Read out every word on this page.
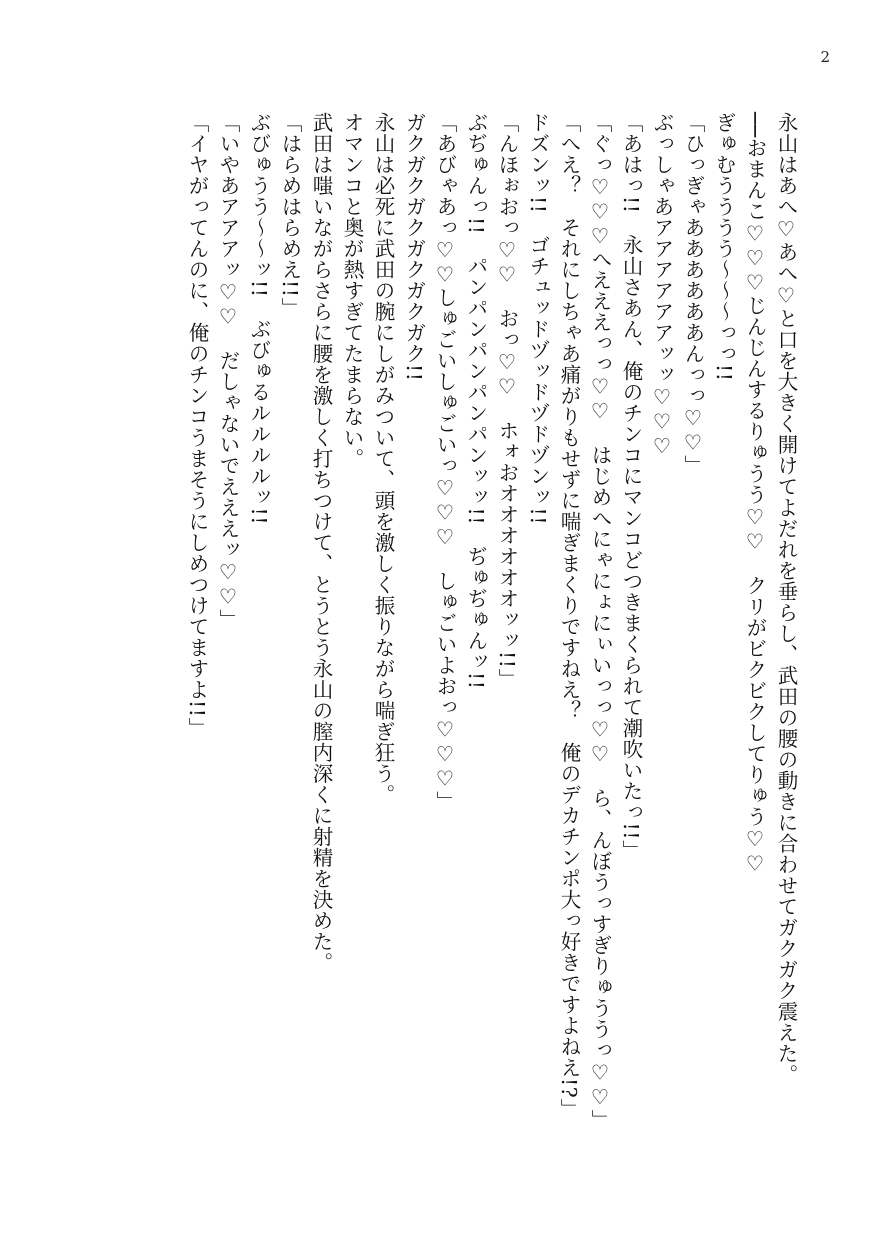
2
永山はあへ♡あへ♡と口を大きく開けてよだれを垂らし、武田の腰の動きに合わせてガクガク震えた。
──おまんこ♡♡♡じんじんするりゅうう♡♡　クリがビクビクしてりゅう♡♡
ぎゅむうううう〜〜〜っっ!!
「ひっぎゃああああああんっっ♡♡」
ぶっしゃあアアアアアアッッ♡♡♡
「あはっ!!　永山さあん、俺のチンコにマンコどつきまくられて潮吹いたっ!!」
「ぐっ♡♡♡へえええっっ♡♡　はじめへにゃにょにぃいっっ♡♡　ら、んぼうっすぎりゅううっ♡♡」
「へえ？　それにしちゃあ痛がりもせずに喘ぎまくりですねえ？　俺のデカチンポ大っ好きですよねえ!?」
ドズンッ!!　ゴチュッドヅッドヅドヅンッ!!
「んほぉおっ♡♡　おっ♡♡　ホォおオオオオオオッッ!!」
ぶぢゅんっ!!　パンパンパンパンパンッッ!!　ぢゅぢゅんッ!!
「あびゃあっ♡♡しゅごいしゅごいっ♡♡♡　しゅごいよおっ♡♡♡」
ガクガクガクガクガクガク!!
永山は必死に武田の腕にしがみついて、頭を激しく振りながら喘ぎ狂う。
オマンコと奥が熱すぎてたまらない。
武田は嗤いながらさらに腰を激しく打ちつけて、とうとう永山の膣内深くに射精を決めた。
「はらめはらめえ!!」
ぶびゅうう〜〜ッ!!　ぶびゅるルルルルッ!!
「いやあアアアッ♡♡　だしゃないでえええッ♡♡」
「イヤがってんのに、俺のチンコうまそうにしめつけてますよ!!」
